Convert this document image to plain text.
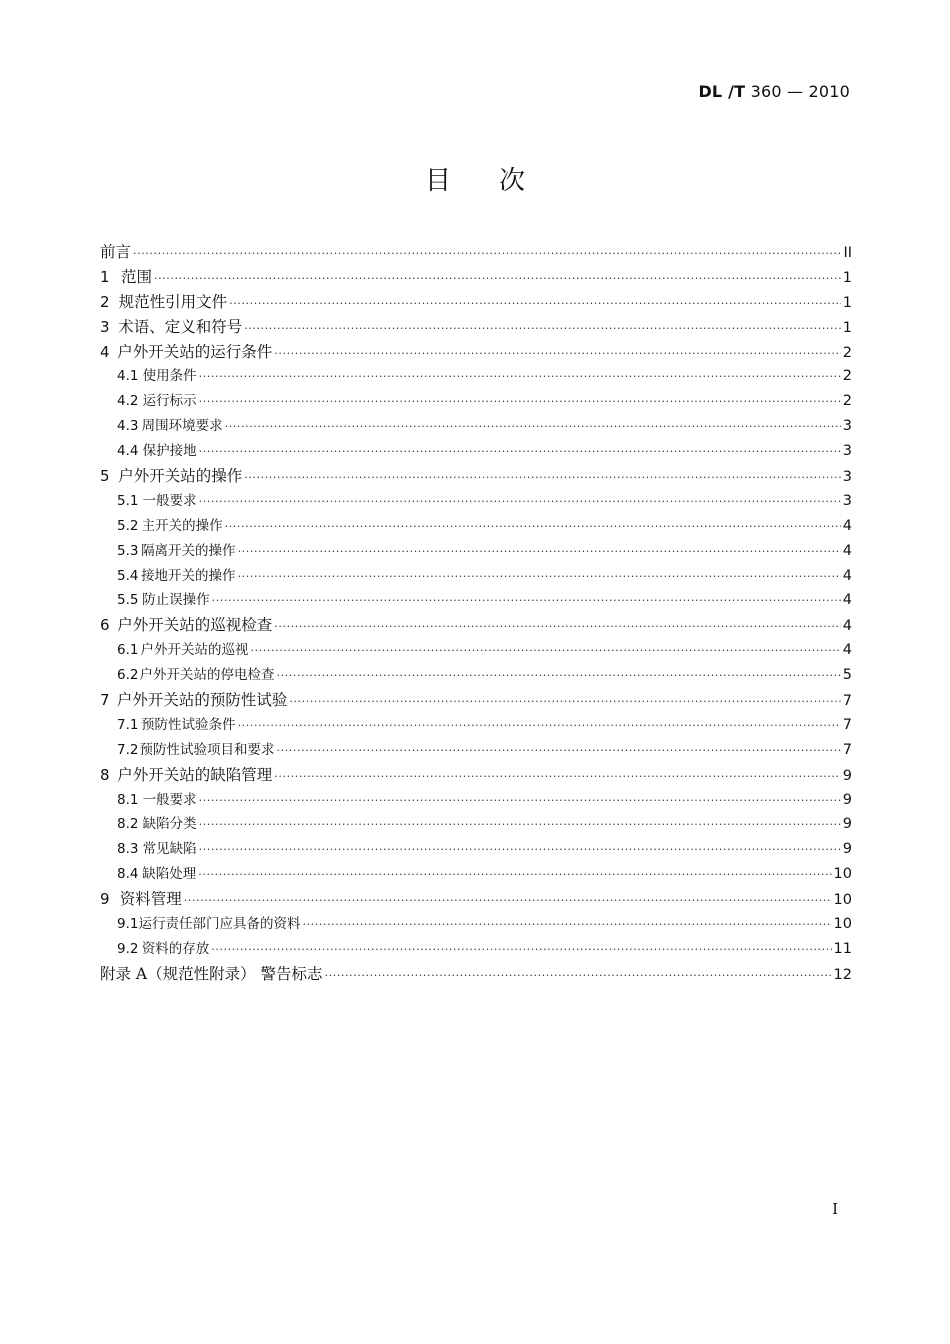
DL /T 360 — 2010
目次
前言 ·····	II
1 范围 ·····	1
2 规范性引用文件 ·····	1
3 术语、定义和符号 ·····	1
4 户外开关站的运行条件 ·····	2
4.1 使用条件 ·····	2
4.2 运行标示 ·····	2
4.3 周围环境要求 ·····	3
4.4 保护接地 ·····	3
5 户外开关站的操作 ·····	3
5.1 一般要求 ·····	3
5.2 主开关的操作 ·····	4
5.3 隔离开关的操作 ·····	4
5.4 接地开关的操作 ·····	4
5.5 防止误操作 ·····	4
6 户外开关站的巡视检查 ·····	4
6.1 户外开关站的巡视 ·····	4
6.2 户外开关站的停电检查 ·····	5
7 户外开关站的预防性试验 ·····	7
7.1 预防性试验条件 ·····	7
7.2 预防性试验项目和要求 ·····	7
8 户外开关站的缺陷管理 ·····	9
8.1 一般要求 ·····	9
8.2 缺陷分类 ·····	9
8.3 常见缺陷 ·····	9
8.4 缺陷处理 ·····	10
9 资料管理 ·····	10
9.1 运行责任部门应具备的资料 ·····	10
9.2 资料的存放 ·····	11
附录 A（规范性附录） 警告标志 ·····	12
I
